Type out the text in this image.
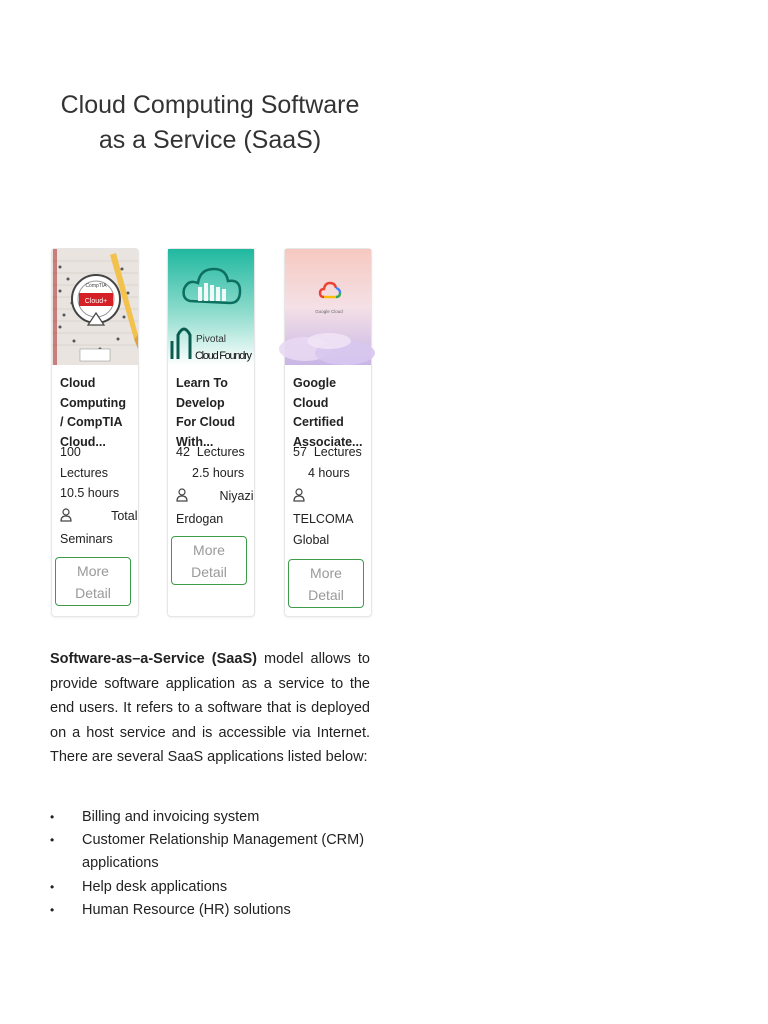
Cloud Computing Software
as a Service (SaaS)
Cloud+
CompTIA
Cloud Computing / CompTIA Cloud...
100
Lectures
10.5 hours
Total
Seminars
More
Detail
Pivotal
Cloud Foundry
Learn To Develop For Cloud With...
42 Lectures
2.5 hours
Niyazi
Erdogan
More
Detail
Google Cloud
Google Cloud Certified Associate...
57 Lectures
4 hours

TELCOMA
Global
More
Detail

Software-as–a-Service (SaaS) model allows to provide software application as a service to the end users. It refers to a software that is deployed on a host service and is accessible via Internet. There are several SaaS applications listed below:

• Billing and invoicing system
• Customer Relationship Management (CRM) applications
• Help desk applications
• Human Resource (HR) solutions
